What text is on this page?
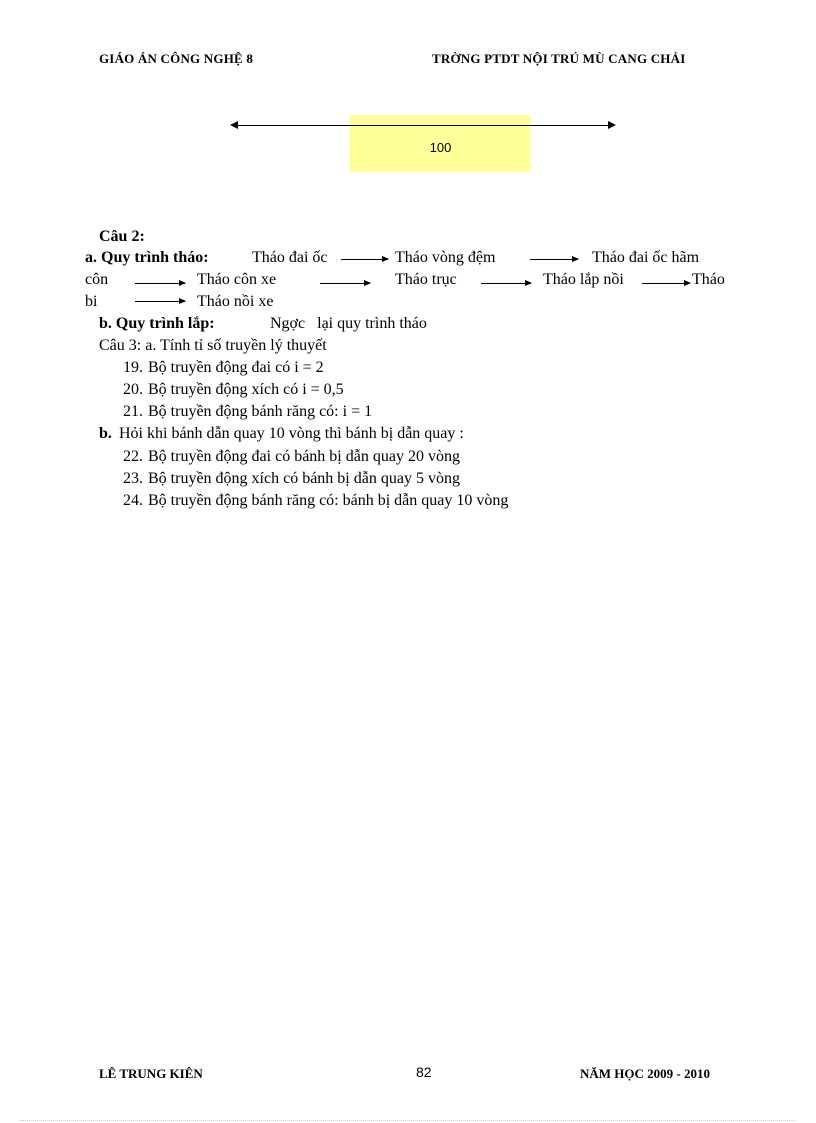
GIÁO ÁN CÔNG NGHỆ 8	TRỜNG PTDT NỘI TRÚ MÙ CANG CHẢI
100
Câu 2:
a. Quy trình tháo:	Tháo đai ốc	Tháo vòng đệm	Tháo đai ốc hãm
côn	Tháo côn xe	Tháo trục	Tháo lắp nồi	Tháo
bi	Tháo nồi xe
b. Quy trình lắp:	Ngợc   lại quy trình tháo
Câu 3: a. Tính tỉ số truyền lý thuyết
19. Bộ truyền động đai có i = 2
20. Bộ truyền động xích có i = 0,5
21. Bộ truyền động bánh răng có: i = 1
b. Hỏi khi bánh dẫn quay 10 vòng thì bánh bị dẫn quay :
22. Bộ truyền động đai có bánh bị dẫn quay 20 vòng
23. Bộ truyền động xích có bánh bị dẫn quay 5 vòng
24. Bộ truyền động bánh răng có: bánh bị dẫn quay 10 vòng
LÊ TRUNG KIÊN	82	NĂM HỌC 2009 - 2010
